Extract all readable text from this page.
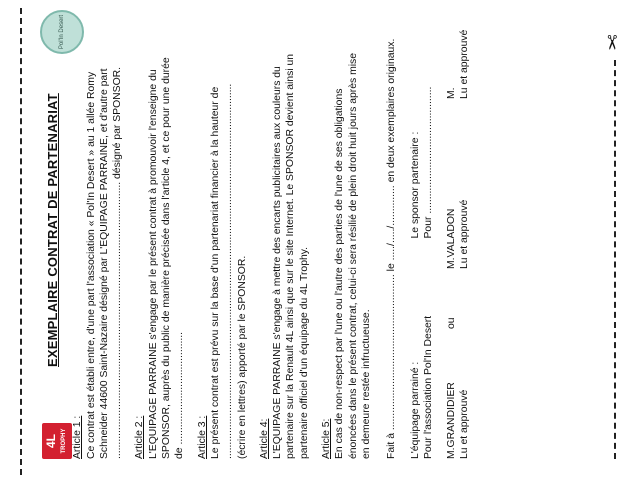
✂
4L TROPHY
Pol'In Desert
EXEMPLAIRE CONTRAT DE PARTENARIAT
Article 1 : Ce contrat est établi entre, d'une part l'association « Pol'In Desert » au 1 allée Romy Schneider 44600 Saint-Nazaire désigné par L'EQUIPAGE PARRAINE, et d'autre part ................................................................................................ désigné par SPONSOR. Article 2 : L'EQUIPAGE PARRAINE s'engage par le présent contrat à promouvoir l'enseigne du SPONSOR, auprès du public de manière précisée dans l'article 4, et ce pour une durée de ....................................... Article 3 : Le présent contrat est prévu sur la base d'un partenariat financier à la hauteur de .................................................................................................................................. (écrire en lettres) apporté par le SPONSOR. Article 4: L'EQUIPAGE PARRAINE s'engage à mettre des encarts publicitaires aux couleurs du partenaire sur la Renault 4L ainsi que sur le site Internet. Le SPONSOR devient ainsi un partenaire officiel d'un équipage du 4L Trophy. Article 5: En cas de non-respect par l'une ou l'autre des parties de l'une de ses obligations énoncées dans le présent contrat, celui-ci sera résilié de plein droit huit jours après mise en demeure restée infructueuse. Fait à ...................................................... le ...../...../.............. en deux exemplaires originaux. L'équipage parrainé : Pour l'association Pol'In Desert
Le sponsor partenaire : Pour ............................................
M.GRANDIDIER Lu et approuvé
ou
M.VALADON Lu et approuvé
M. Lu et approuvé
